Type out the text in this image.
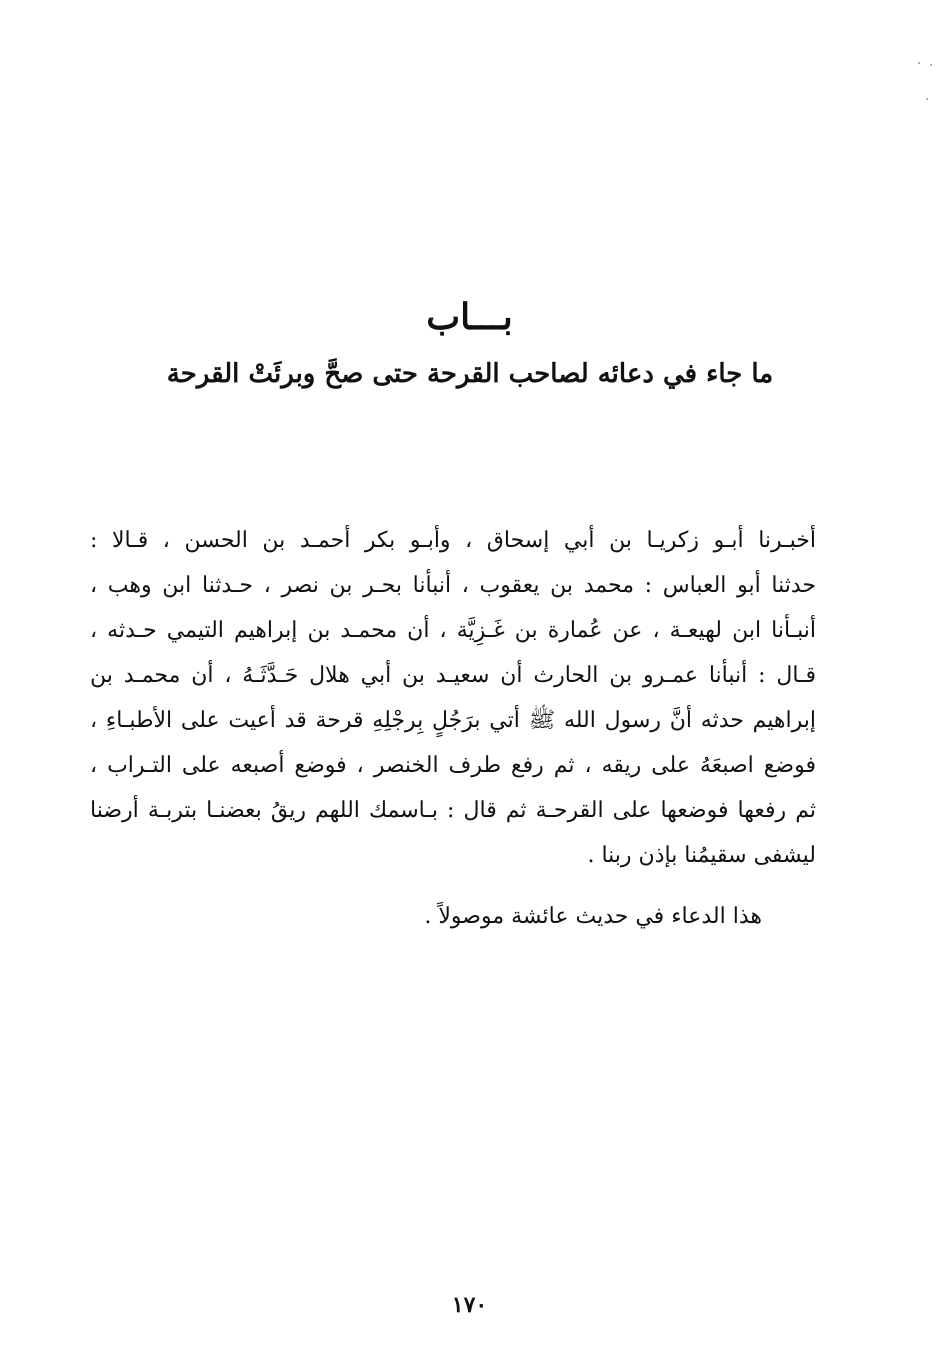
بـــاب
ما جاء في دعائه لصاحب القرحة حتى صحَّ وبرئَتْ القرحة
أخبـرنا أبـو زكريـا بن أبي إسحاق ، وأبـو بكر أحمـد بن الحسن ، قـالا :
حدثنا أبو العباس : محمد بن يعقوب ، أنبأنا بحـر بن نصر ، حـدثنا ابن وهب ،
أنبـأنا ابن لهيعـة ، عن عُمارة بن غَـزِيَّة ، أن محمـد بن إبراهيم التيمي حـدثه ،
قـال : أنبأنا عمـرو بن الحارث أن سعيـد بن أبي هلال حَـدَّثَـهُ ، أن محمـد بن
إبراهيم حدثه أنَّ رسول الله ﷺ أتي برَجُلٍ بِرجْلِهِ قرحة قد أعيت على الأطبـاءِ ،
فوضع اصبعَهُ على ريقه ، ثم رفع طرف الخنصر ، فوضع أصبعه على التـراب ،
ثم رفعها فوضعها على القرحـة ثم قال : بـاسمك اللهم ريقُ بعضنـا بتربـة أرضنا
ليشفى سقيمُنا بإذن ربنا .
هذا الدعاء في حديث عائشة موصولاً .
١٧٠
